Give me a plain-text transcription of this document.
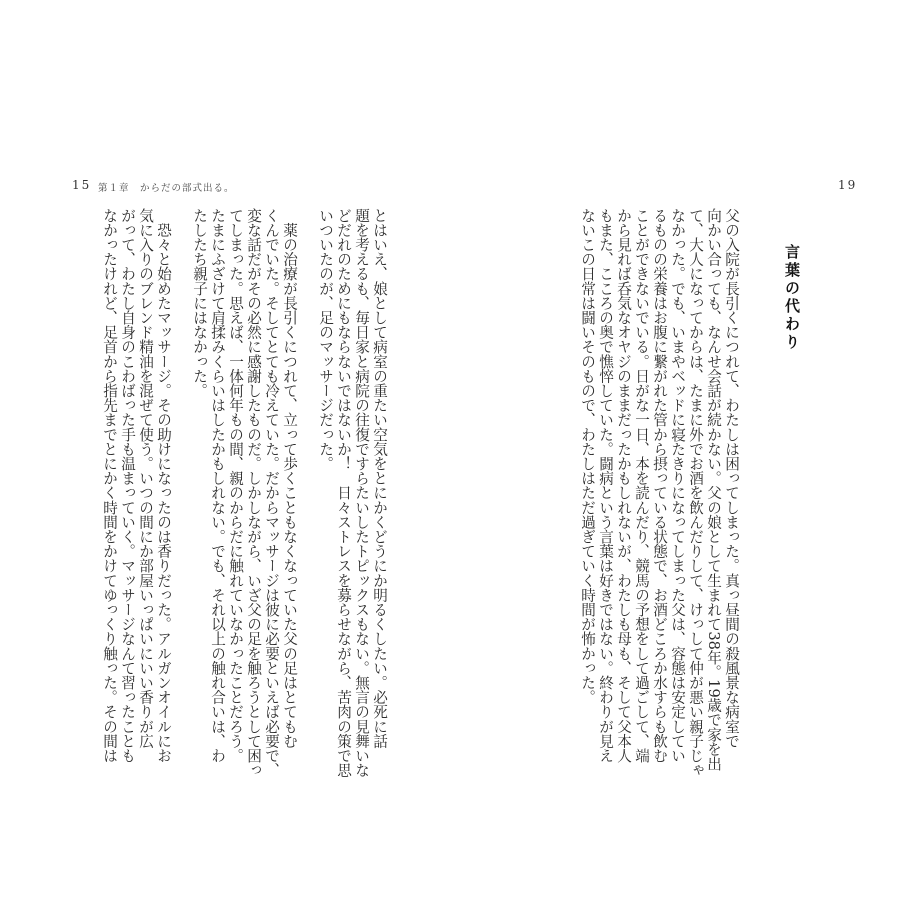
15 第１章　からだの部式出る。
とはいえ、娘として病室の重たい空気をとにかくどうにか明るくしたい。必死に話
題を考えるも、毎日家と病院の往復ですらたいしたトピックスもない。無言の見舞いな
どだれのためにもならないではないか！　日々ストレスを募らせながら、苦肉の策で思
いついたのが、足のマッサージだった。
　薬の治療が長引くにつれて、立って歩くこともなくなっていた父の足はとてもむ
くんでいた。そしてとても冷えていた。だからマッサージは彼に必要といえば必要で、
変な話だがその必然に感謝したものだ。しかしながら、いざ父の足を触ろうとして困っ
てしまった。思えば、一体何年もの間、親のからだに触れていなかったことだろう。
たまにふざけて肩揉みくらいはしたかもしれない。でも、それ以上の触れ合いは、わ
たしたち親子にはなかった。
　恐々と始めたマッサージ。その助けになったのは香りだった。アルガンオイルにお
気に入りのブレンド精油を混ぜて使う。いつの間にか部屋いっぱいにいい香りが広
がって、わたし自身のこわばった手も温まっていく。マッサージなんて習ったことも
なかったけれど、足首から指先までとにかく時間をかけてゆっくり触った。その間は
19
言葉の代わり
父の入院が長引くにつれて、わたしは困ってしまった。真っ昼間の殺風景な病室で
向かい合っても、なんせ会話が続かない。父の娘として生まれて38年。19歳で家を出
て、大人になってからは、たまに外でお酒を飲んだりして、けっして仲が悪い親子じゃ
なかった。でも、いまやベッドに寝たきりになってしまった父は、容態は安定してい
るものの栄養はお腹に繋がれた管から摂っている状態で、お酒どころか水すらも飲む
ことができないでいる。日がな一日、本を読んだり、競馬の予想をして過ごして、端
から見れば呑気なオヤジのままだったかもしれないが、わたしも母も、そして父本人
もまた、こころの奥で憔悴していた。闘病という言葉は好きではない。終わりが見え
ないこの日常は闘いそのもので、わたしはただ過ぎていく時間が怖かった。
